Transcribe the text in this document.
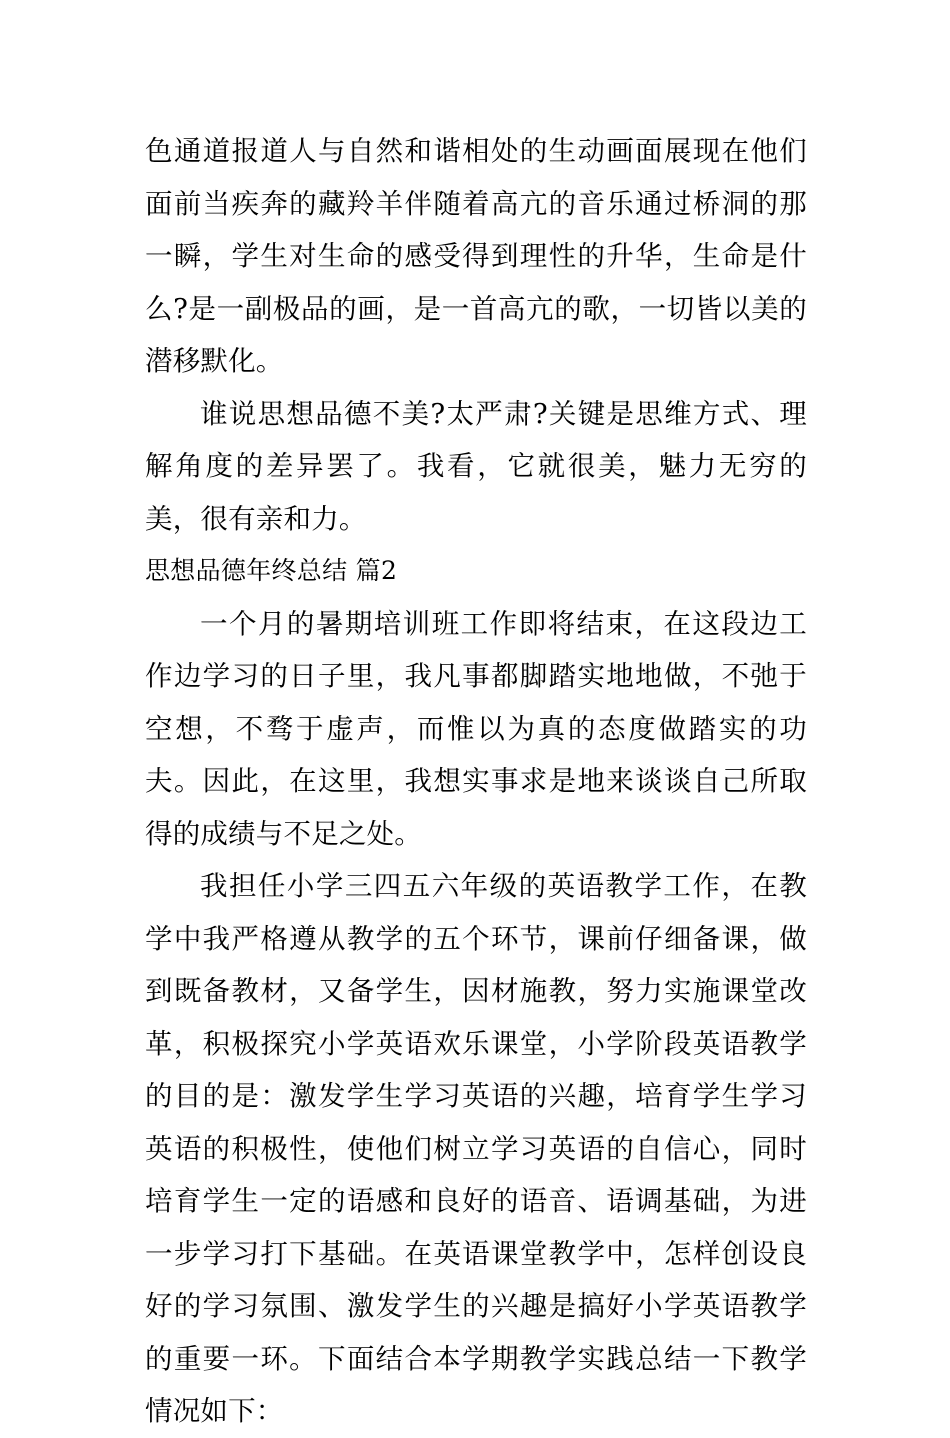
色通道报道人与自然和谐相处的生动画面展现在他们面前当疾奔的藏羚羊伴随着高亢的音乐通过桥洞的那一瞬，学生对生命的感受得到理性的升华，生命是什么?是一副极品的画，是一首高亢的歌，一切皆以美的潜移默化。

谁说思想品德不美?太严肃?关键是思维方式、理解角度的差异罢了。我看，它就很美，魅力无穷的美，很有亲和力。

思想品德年终总结 篇2

一个月的暑期培训班工作即将结束，在这段边工作边学习的日子里，我凡事都脚踏实地地做，不弛于空想，不骛于虚声，而惟以为真的态度做踏实的功夫。因此，在这里，我想实事求是地来谈谈自己所取得的成绩与不足之处。

我担任小学三四五六年级的英语教学工作，在教学中我严格遵从教学的五个环节，课前仔细备课，做到既备教材，又备学生，因材施教，努力实施课堂改革，积极探究小学英语欢乐课堂，小学阶段英语教学的目的是：激发学生学习英语的兴趣，培育学生学习英语的积极性，使他们树立学习英语的自信心，同时培育学生一定的语感和良好的语音、语调基础，为进一步学习打下基础。在英语课堂教学中，怎样创设良好的学习氛围、激发学生的兴趣是搞好小学英语教学的重要一环。下面结合本学期教学实践总结一下教学情况如下：
